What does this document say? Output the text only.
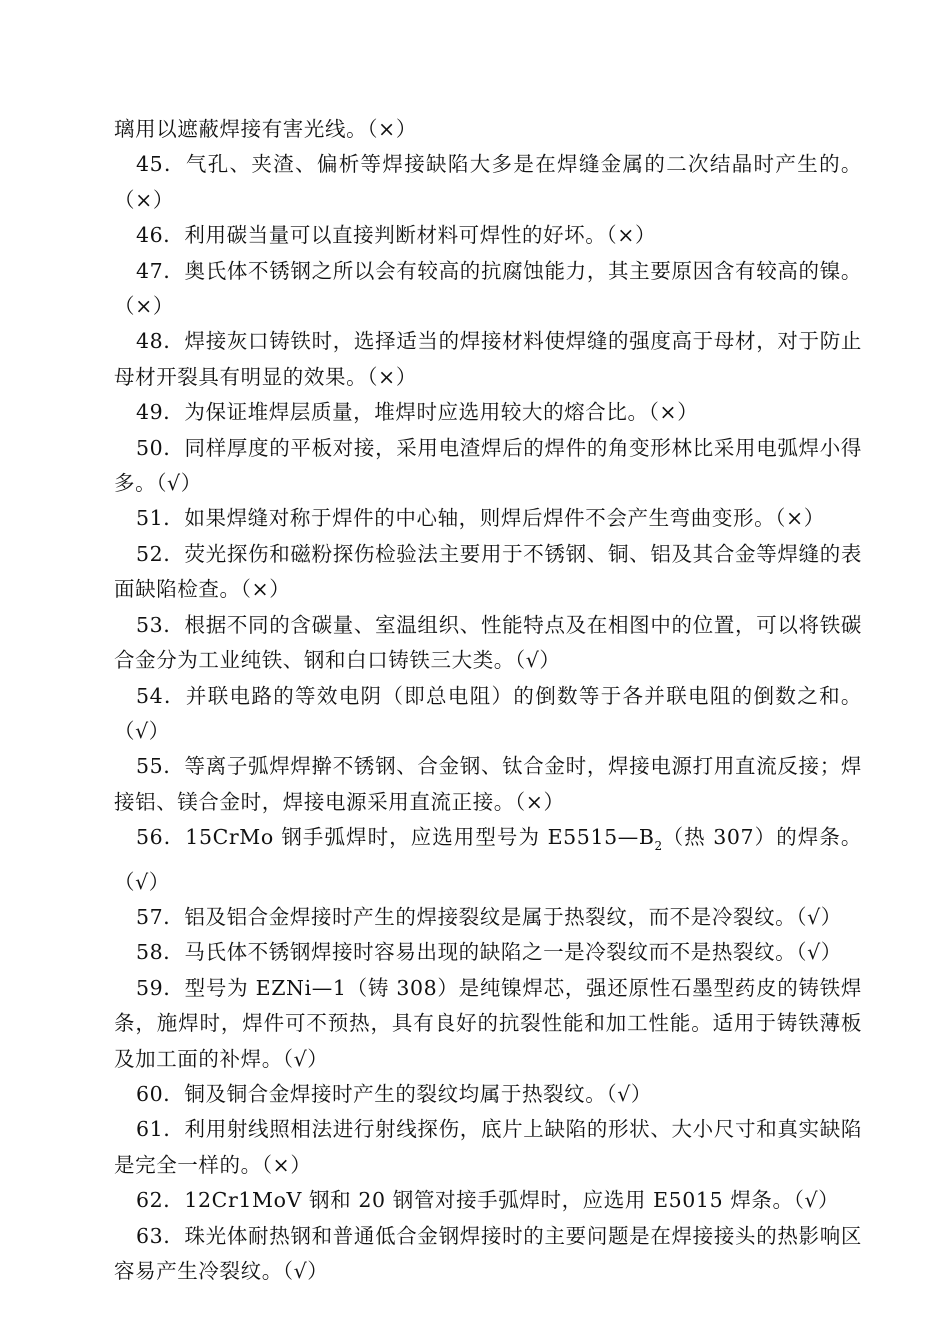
璃用以遮蔽焊接有害光线。（×）

45．气孔、夹渣、偏析等焊接缺陷大多是在焊缝金属的二次结晶时产生的。（×）

46．利用碳当量可以直接判断材料可焊性的好坏。（×）

47．奥氏体不锈钢之所以会有较高的抗腐蚀能力，其主要原因含有较高的镍。（×）

48．焊接灰口铸铁时，选择适当的焊接材料使焊缝的强度高于母材，对于防止母材开裂具有明显的效果。（×）

49．为保证堆焊层质量，堆焊时应选用较大的熔合比。（×）

50．同样厚度的平板对接，采用电渣焊后的焊件的角变形林比采用电弧焊小得多。（√）

51．如果焊缝对称于焊件的中心轴，则焊后焊件不会产生弯曲变形。（×）

52．荧光探伤和磁粉探伤检验法主要用于不锈钢、铜、铝及其合金等焊缝的表面缺陷检查。（×）

53．根据不同的含碳量、室温组织、性能特点及在相图中的位置，可以将铁碳合金分为工业纯铁、钢和白口铸铁三大类。（√）

54．并联电路的等效电阴（即总电阻）的倒数等于各并联电阻的倒数之和。（√）

55．等离子弧焊焊擀不锈钢、合金钢、钛合金时，焊接电源打用直流反接；焊接铝、镁合金时，焊接电源采用直流正接。（×）

56．15CrMo 钢手弧焊时，应选用型号为 $E5515—B_2$（热 307）的焊条。（√）

57．铝及铝合金焊接时产生的焊接裂纹是属于热裂纹，而不是冷裂纹。（√）

58．马氏体不锈钢焊接时容易出现的缺陷之一是冷裂纹而不是热裂纹。（√）

59．型号为 EZNi—1（铸 308）是纯镍焊芯，强还原性石墨型药皮的铸铁焊条，施焊时，焊件可不预热，具有良好的抗裂性能和加工性能。适用于铸铁薄板及加工面的补焊。（√）

60．铜及铜合金焊接时产生的裂纹均属于热裂纹。（√）

61．利用射线照相法进行射线探伤，底片上缺陷的形状、大小尺寸和真实缺陷是完全一样的。（×）

62．12Cr1MoV 钢和 20 钢管对接手弧焊时，应选用 E5015 焊条。（√）

63．珠光体耐热钢和普通低合金钢焊接时的主要问题是在焊接接头的热影响区容易产生冷裂纹。（√）
